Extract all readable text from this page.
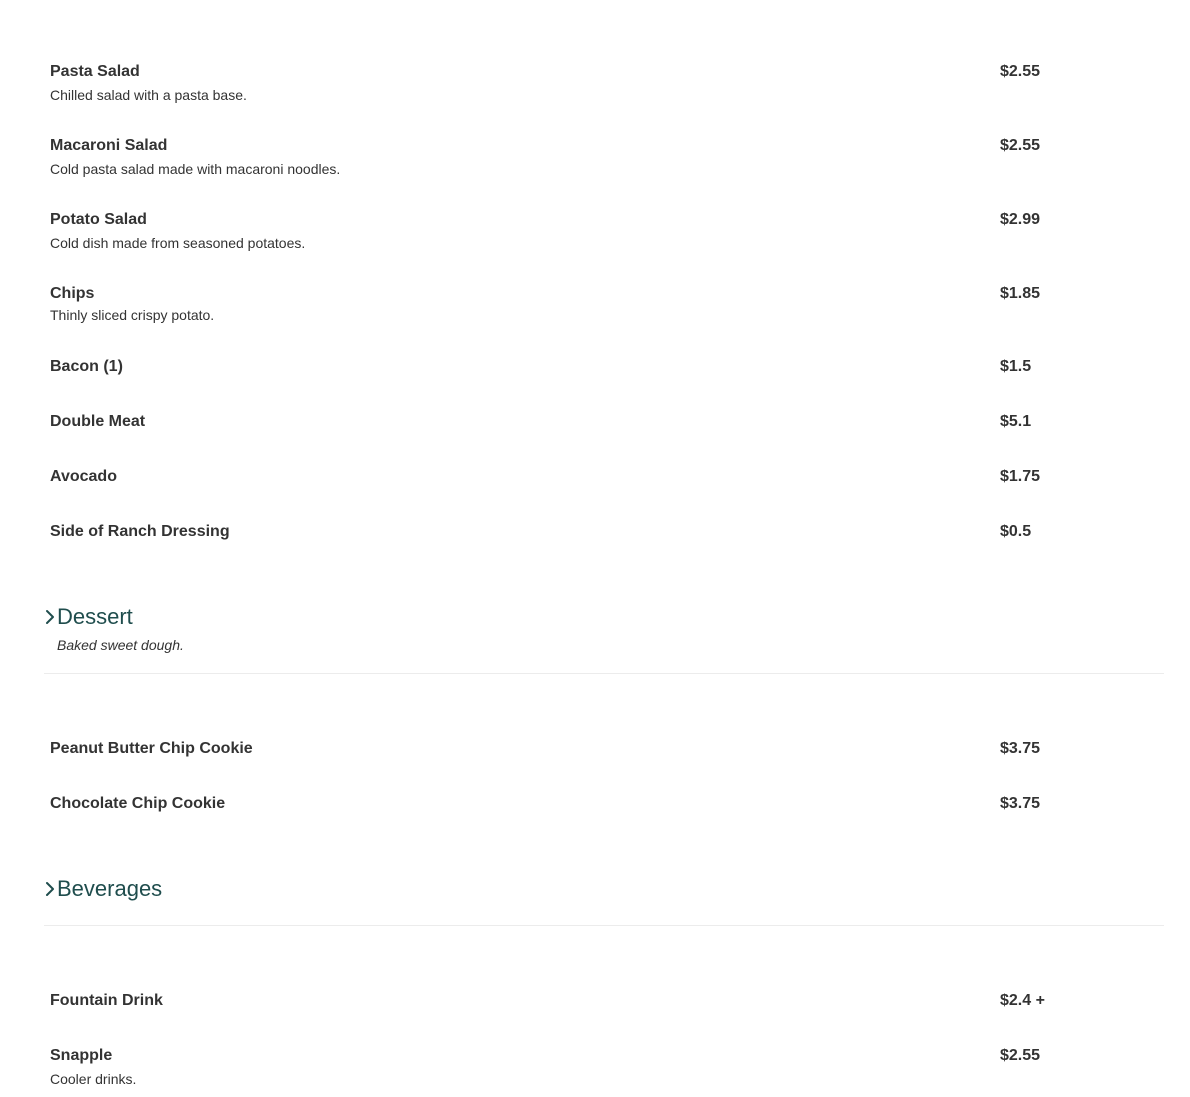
Pasta Salad	$2.55
Chilled salad with a pasta base.
Macaroni Salad	$2.55
Cold pasta salad made with macaroni noodles.
Potato Salad	$2.99
Cold dish made from seasoned potatoes.
Chips	$1.85
Thinly sliced crispy potato.
Bacon (1)	$1.5
Double Meat	$5.1
Avocado	$1.75
Side of Ranch Dressing	$0.5
Dessert
Baked sweet dough.
Peanut Butter Chip Cookie	$3.75
Chocolate Chip Cookie	$3.75
Beverages
Fountain Drink	$2.4 +
Snapple	$2.55
Cooler drinks.
